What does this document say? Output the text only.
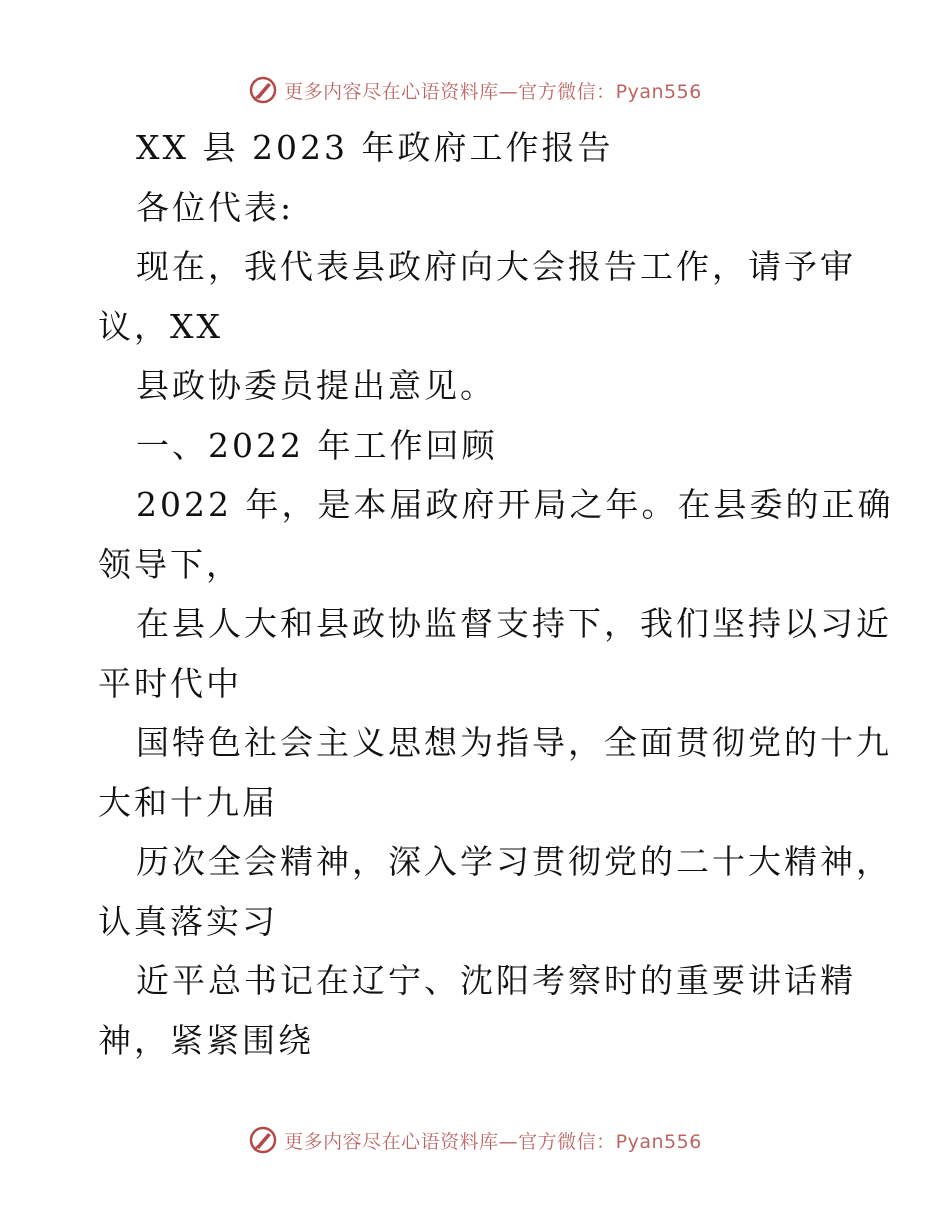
更多内容尽在心语资料库—官方微信：Pyan556

XX 县 2023 年政府工作报告

各位代表:

现在，我代表县政府向大会报告工作，请予审

议，XX

县政协委员提出意见。

一、2022 年工作回顾

2022 年，是本届政府开局之年。在县委的正确

领导下，

在县人大和县政协监督支持下，我们坚持以习近

平时代中

国特色社会主义思想为指导，全面贯彻党的十九

大和十九届

历次全会精神，深入学习贯彻党的二十大精神，

认真落实习

近平总书记在辽宁、沈阳考察时的重要讲话精

神，紧紧围绕

更多内容尽在心语资料库—官方微信：Pyan556
